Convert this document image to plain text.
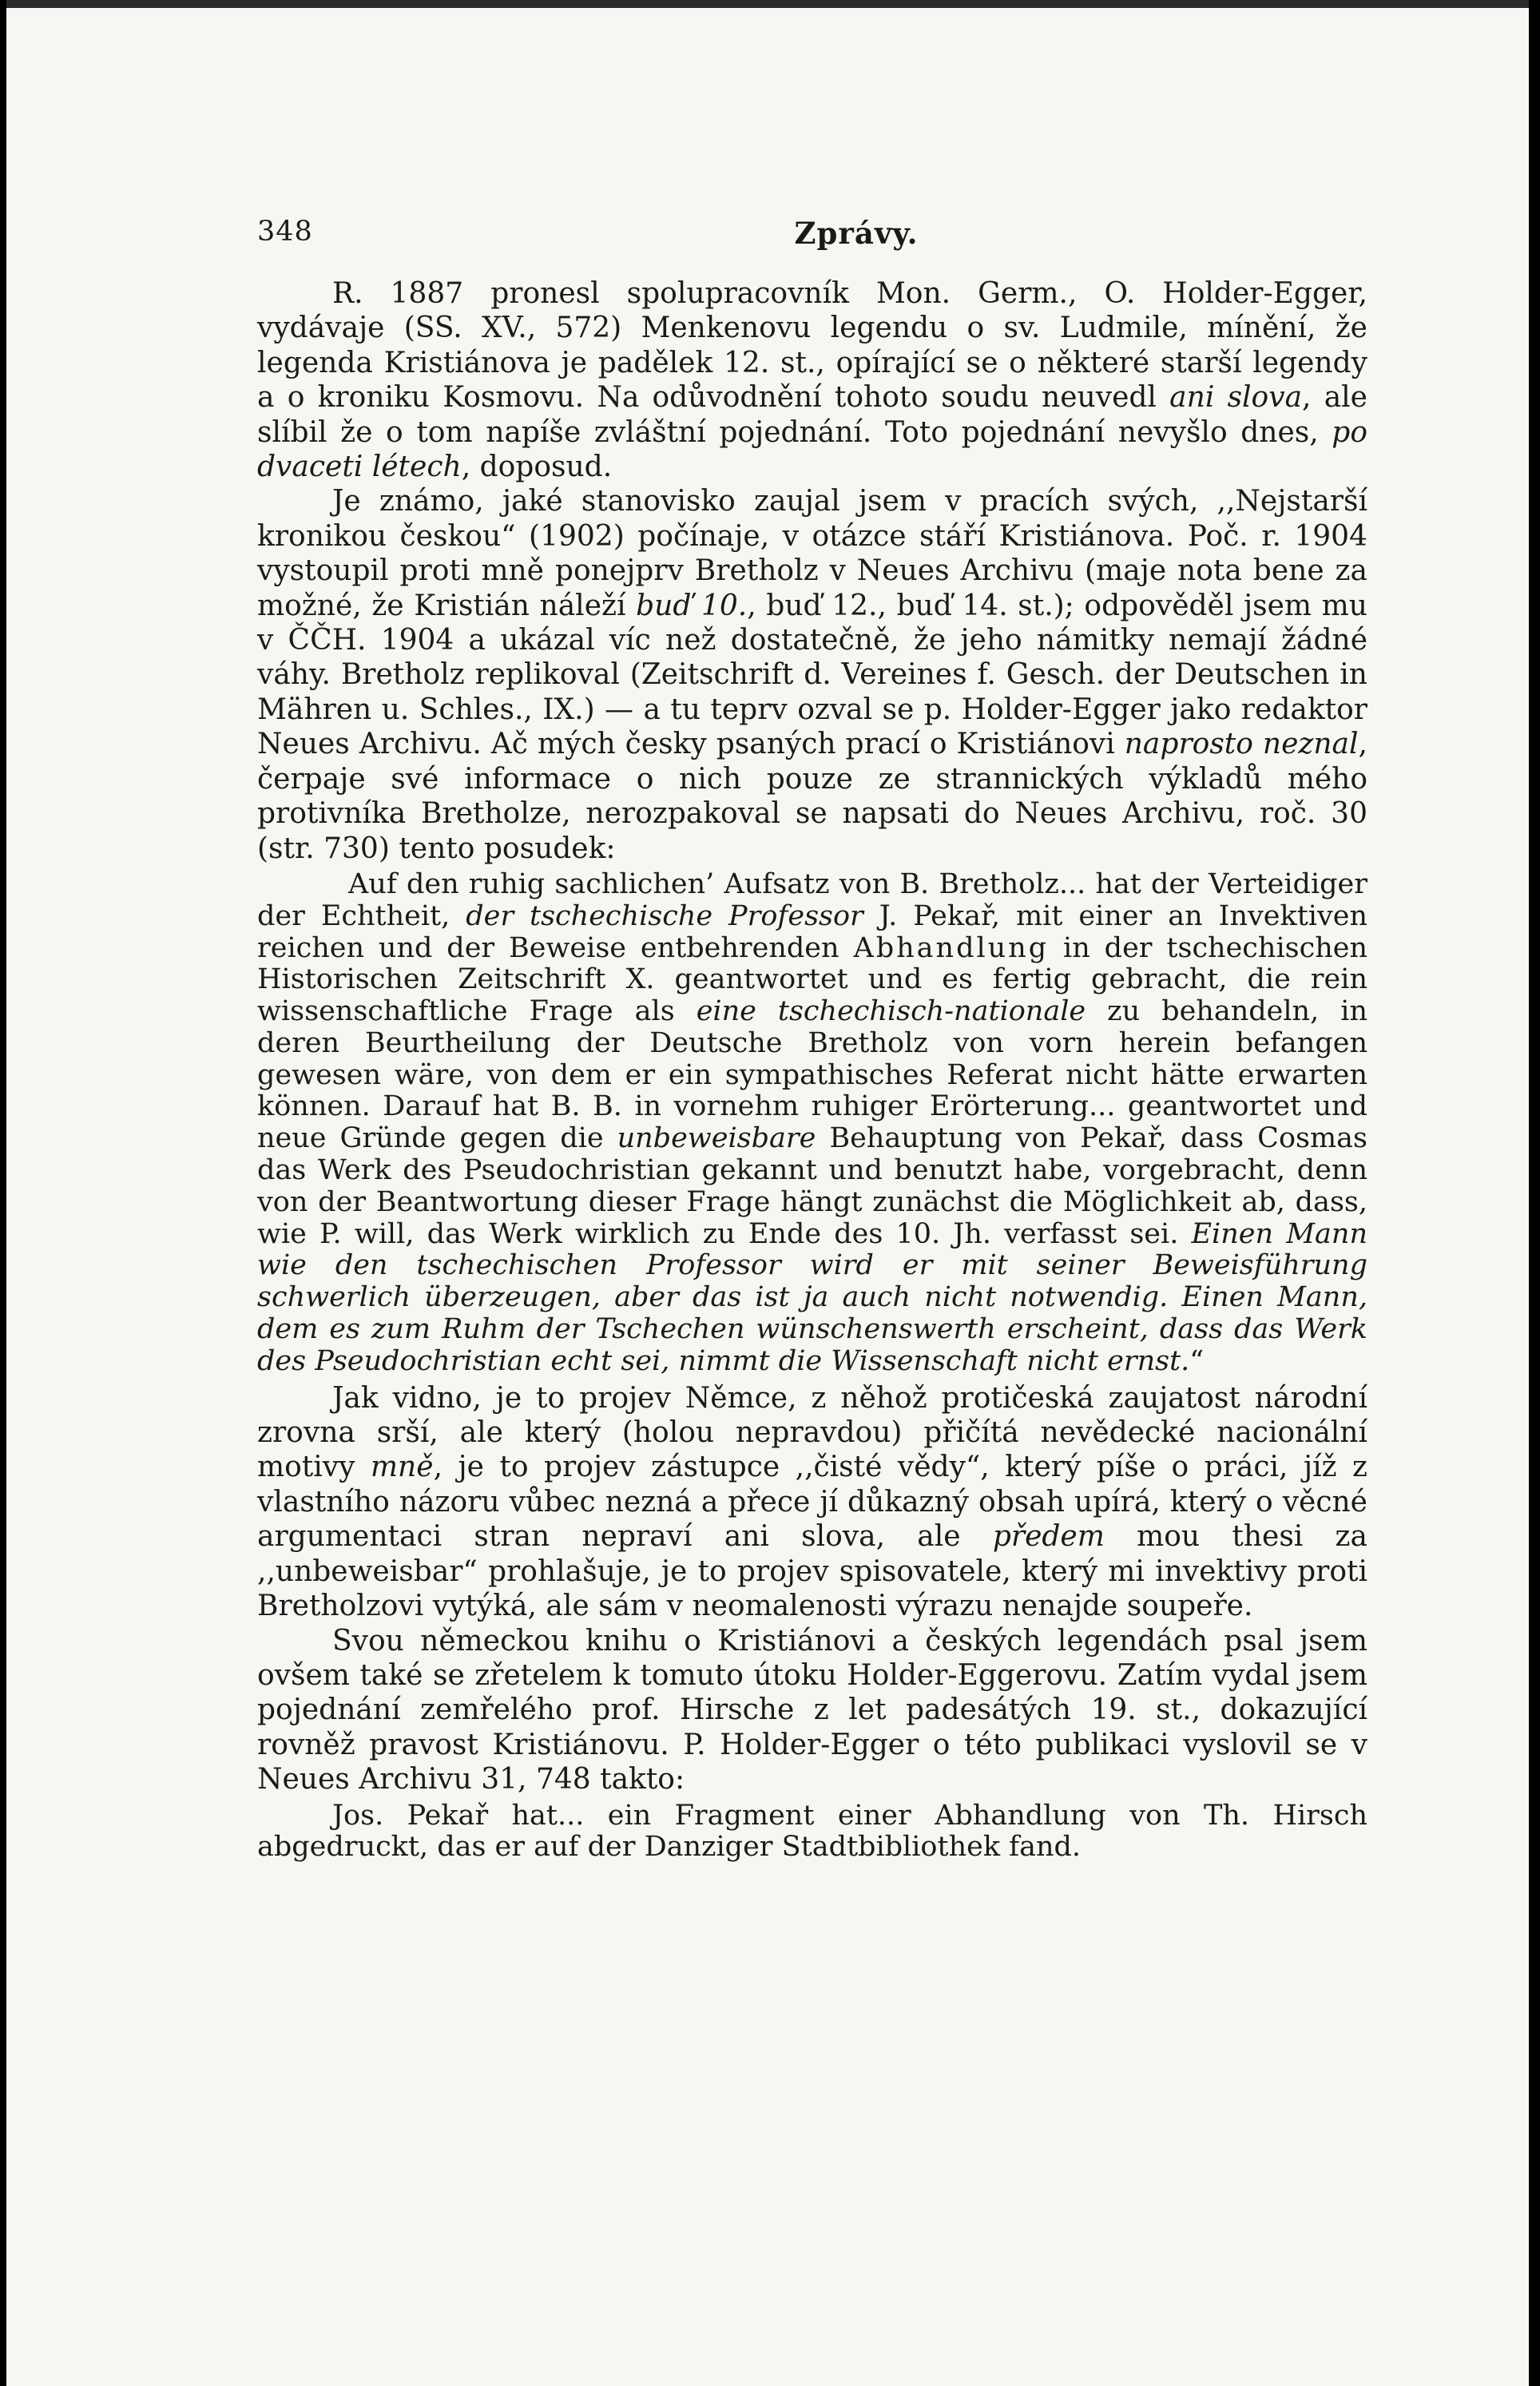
348	Zprávy.

R. 1887 pronesl spolupracovník Mon. Germ., O. Holder-Egger, vydávaje (SS. XV., 572) Menkenovu legendu o sv. Ludmile, mínění, že legenda Kristiánova je padělek 12. st., opírající se o některé starší legendy a o kroniku Kosmovu. Na odůvodnění tohoto soudu neuvedl ani slova, ale slíbil že o tom napíše zvláštní pojednání. Toto pojednání nevyšlo dnes, po dvaceti létech, doposud.

Je známo, jaké stanovisko zaujal jsem v pracích svých, ,,Nejstarší kronikou českou“ (1902) počínaje, v otázce stáří Kristiánova. Poč. r. 1904 vystoupil proti mně ponejprv Bretholz v Neues Archivu (maje nota bene za možné, že Kristián náleží buď 10., buď 12., buď 14. st.); odpověděl jsem mu v ČČH. 1904 a ukázal víc než dostatečně, že jeho námitky nemají žádné váhy. Bretholz replikoval (Zeitschrift d. Vereines f. Gesch. der Deutschen in Mähren u. Schles., IX.) — a tu teprv ozval se p. Holder-Egger jako redaktor Neues Archivu. Ač mých česky psaných prací o Kristiánovi naprosto neznal, čerpaje své informace o nich pouze ze strannických výkladů mého protivníka Bretholze, nerozpakoval se napsati do Neues Archivu, roč. 30 (str. 730) tento posudek:

Auf den ruhig sachlichen’ Aufsatz von B. Bretholz... hat der Verteidiger der Echtheit, der tschechische Professor J. Pekař, mit einer an Invektiven reichen und der Beweise entbehrenden Abhandlung in der tschechischen Historischen Zeitschrift X. geantwortet und es fertig gebracht, die rein wissenschaftliche Frage als eine tschechisch-nationale zu behandeln, in deren Beurtheilung der Deutsche Bretholz von vorn herein befangen gewesen wäre, von dem er ein sympathisches Referat nicht hätte erwarten können. Darauf hat B. B. in vornehm ruhiger Erörterung... geantwortet und neue Gründe gegen die unbeweisbare Behauptung von Pekař, dass Cosmas das Werk des Pseudochristian gekannt und benutzt habe, vorgebracht, denn von der Beantwortung dieser Frage hängt zunächst die Möglichkeit ab, dass, wie P. will, das Werk wirklich zu Ende des 10. Jh. verfasst sei. Einen Mann wie den tschechischen Professor wird er mit seiner Beweisführung schwerlich überzeugen, aber das ist ja auch nicht notwendig. Einen Mann, dem es zum Ruhm der Tschechen wünschenswerth erscheint, dass das Werk des Pseudochristian echt sei, nimmt die Wissenschaft nicht ernst.“

Jak vidno, je to projev Němce, z něhož protičeská zaujatost národní zrovna srší, ale který (holou nepravdou) přičítá nevědecké nacionální motivy mně, je to projev zástupce ,,čisté vědy“, který píše o práci, jíž z vlastního názoru vůbec nezná a přece jí důkazný obsah upírá, který o věcné argumentaci stran nepraví ani slova, ale předem mou thesi za ,,unbeweisbar“ prohlašuje, je to projev spisovatele, který mi invektivy proti Bretholzovi vytýká, ale sám v neomalenosti výrazu nenajde soupeře.

Svou německou knihu o Kristiánovi a českých legendách psal jsem ovšem také se zřetelem k tomuto útoku Holder-Eggerovu. Zatím vydal jsem pojednání zemřelého prof. Hirsche z let padesátých 19. st., dokazující rovněž pravost Kristiánovu. P. Holder-Egger o této publikaci vyslovil se v Neues Archivu 31, 748 takto:

Jos. Pekař hat... ein Fragment einer Abhandlung von Th. Hirsch abgedruckt, das er auf der Danziger Stadtbibliothek fand.
